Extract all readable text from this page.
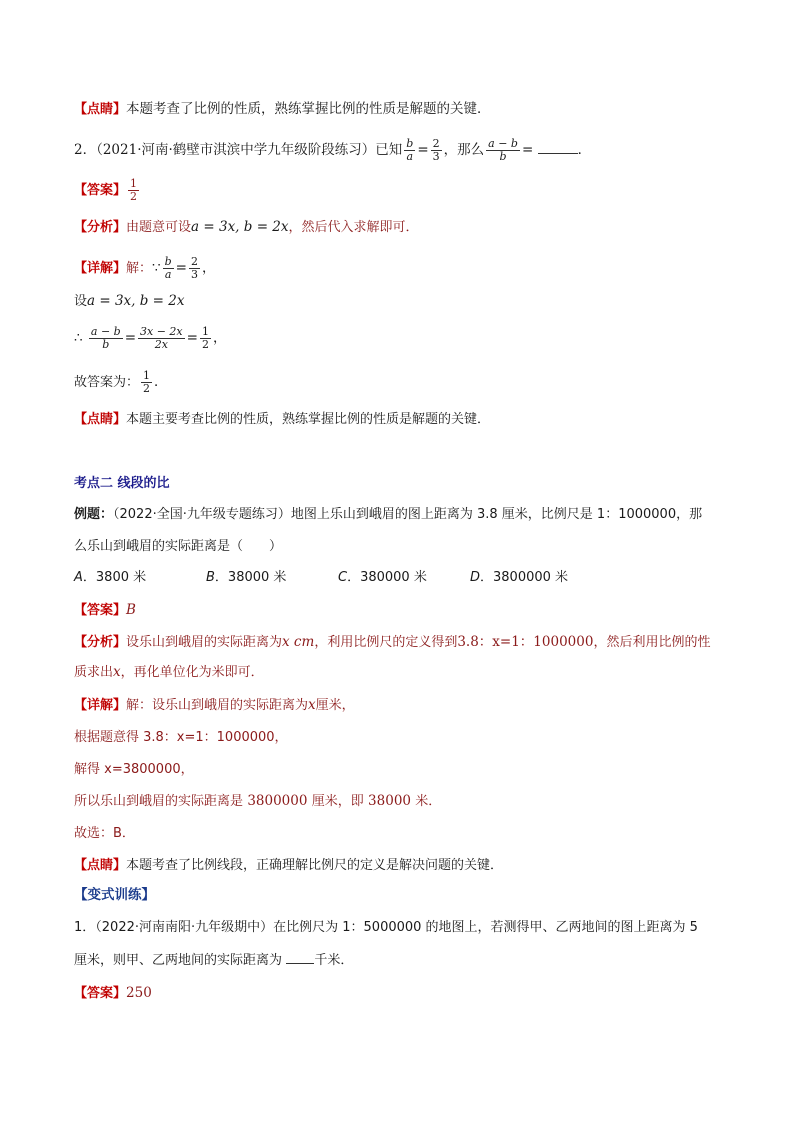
【点睛】本题考查了比例的性质，熟练掌握比例的性质是解题的关键．
2．（2021·河南·鹤壁市淇滨中学九年级阶段练习）已知 $\frac{b}{a} = \frac{2}{3}$ ，那么 $\frac{a - b}{b}$ =	．
【答案】 $\frac{1}{2}$
【分析】由题意可设a = 3x, b = 2x，然后代入求解即可．
【详解】解：∵ $\frac{b}{a} = \frac{2}{3}$ ，
设a = 3x, b = 2x
∴ $\frac{a - b}{b} = \frac{3x - 2x}{2x} = \frac{1}{2}$ ，
故答案为： $\frac{1}{2}$ ．
【点睛】本题主要考查比例的性质，熟练掌握比例的性质是解题的关键．
考点二 线段的比
例题：（2022·全国·九年级专题练习）地图上乐山到峨眉的图上距离为 3.8 厘米，比例尺是 1：1000000，那
么乐山到峨眉的实际距离是（　　）
A．3800 米	B．38000 米	C．380000 米	D．3800000 米
【答案】B
【分析】设乐山到峨眉的实际距离为x cm，利用比例尺的定义得到3.8：x=1：1000000，然后利用比例的性
质求出x，再化单位化为米即可．
【详解】解：设乐山到峨眉的实际距离为x厘米，
根据题意得 3.8：x=1：1000000，
解得 x=3800000，
所以乐山到峨眉的实际距离是 3800000 厘米，即 38000 米．
故选：B．
【点睛】本题考查了比例线段，正确理解比例尺的定义是解决问题的关键．
【变式训练】
1．（2022·河南南阳·九年级期中）在比例尺为 1：5000000 的地图上，若测得甲、乙两地间的图上距离为 5
厘米，则甲、乙两地间的实际距离为 千米．
【答案】250
